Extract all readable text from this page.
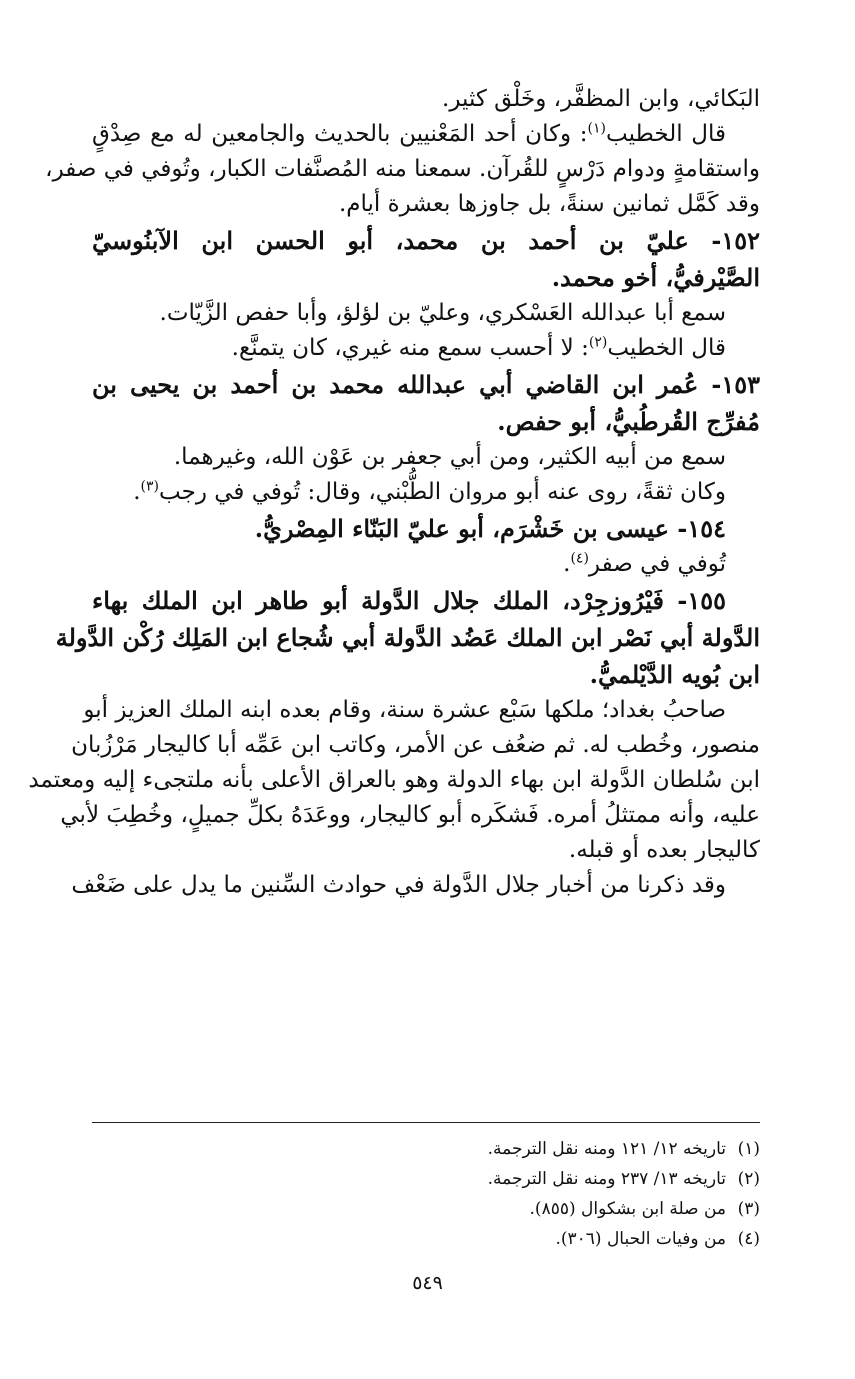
البَكائي، وابن المظفَّر، وخَلْق كثير.
قال الخطيب$^{(١)}$: وكان أحد المَعْنيين بالحديث والجامعين له مع صِدْقٍ
واستقامةٍ ودوام دَرْسٍ للقُرآن. سمعنا منه المُصنَّفات الكبار، وتُوفي في صفر،
وقد كَمَّل ثمانين سنةً، بل جاوزها بعشرة أيام.
١٥٢- عليّ بن أحمد بن محمد، أبو الحسن ابن الآبنُوسيّ
الصَّيْرفيُّ، أخو محمد.
سمع أبا عبدالله العَسْكري، وعليّ بن لؤلؤ، وأبا حفص الزَّيّات.
قال الخطيب$^{(٢)}$: لا أحسب سمع منه غيري، كان يتمنَّع.
١٥٣- عُمر ابن القاضي أبي عبدالله محمد بن أحمد بن يحيى بن
مُفرِّج القُرطُبيُّ، أبو حفص.
سمع من أبيه الكثير، ومن أبي جعفر بن عَوْن الله، وغيرهما.
وكان ثقةً، روى عنه أبو مروان الطُّبْني، وقال: تُوفي في رجب$^{(٣)}$.
١٥٤- عيسى بن خَشْرَم، أبو عليّ البَنّاء المِصْريُّ.
تُوفي في صفر$^{(٤)}$.
١٥٥- فَيْرُوزجِرْد، الملك جلال الدَّولة أبو طاهر ابن الملك بهاء
الدَّولة أبي نَصْر ابن الملك عَضُد الدَّولة أبي شُجاع ابن المَلِك رُكْن الدَّولة
ابن بُويه الدَّيْلميُّ.
صاحبُ بغداد؛ ملكها سَبْع عشرة سنة، وقام بعده ابنه الملك العزيز أبو
منصور، وخُطب له. ثم ضعُف عن الأمر، وكاتب ابن عَمِّه أبا كاليجار مَرْزُبان
ابن سُلطان الدَّولة ابن بهاء الدولة وهو بالعراق الأعلى بأنه ملتجىء إليه ومعتمد
عليه، وأنه ممتثلُ أمره. فَشكَره أبو كاليجار، ووعَدَهُ بكلِّ جميلٍ، وخُطِبَ لأبي
كاليجار بعده أو قبله.
وقد ذكرنا من أخبار جلال الدَّولة في حوادث السِّنين ما يدل على ضَعْف
(١)تاريخه ١٢/ ١٢١ ومنه نقل الترجمة.
(٢)تاريخه ١٣/ ٢٣٧ ومنه نقل الترجمة.
(٣)من صلة ابن بشكوال (٨٥٥).
(٤)من وفيات الحبال (٣٠٦).
٥٤٩
